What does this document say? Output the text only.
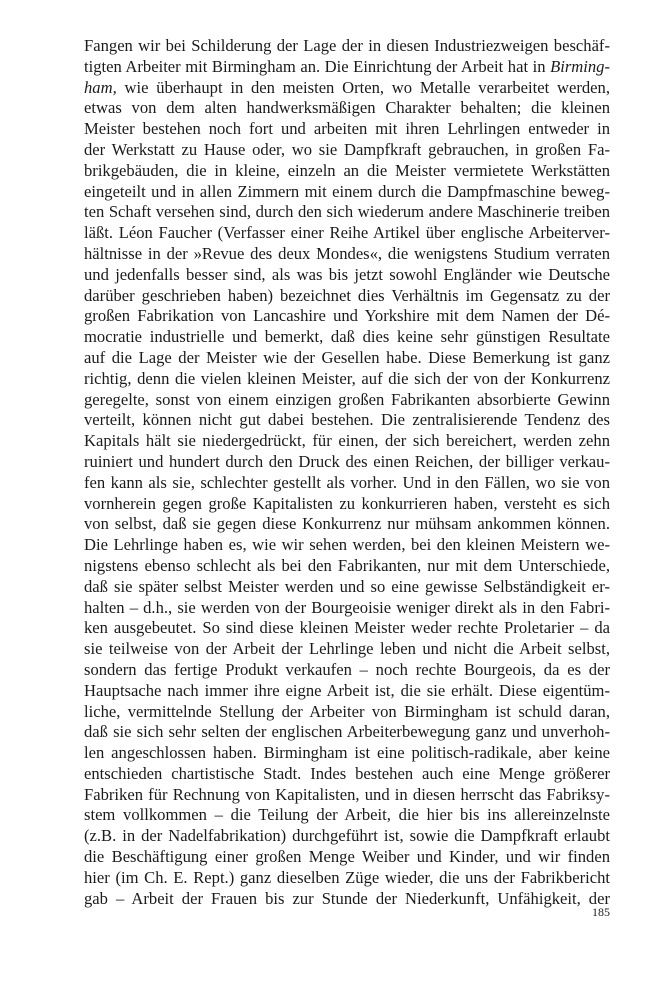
Fangen wir bei Schilderung der Lage der in diesen Industriezweigen beschäf-
tigten Arbeiter mit Birmingham an. Die Einrichtung der Arbeit hat in Birming-
ham, wie überhaupt in den meisten Orten, wo Metalle verarbeitet werden,
etwas von dem alten handwerksmäßigen Charakter behalten; die kleinen
Meister bestehen noch fort und arbeiten mit ihren Lehrlingen entweder in
der Werkstatt zu Hause oder, wo sie Dampfkraft gebrauchen, in großen Fa-
brikgebäuden, die in kleine, einzeln an die Meister vermietete Werkstätten
eingeteilt und in allen Zimmern mit einem durch die Dampfmaschine beweg-
ten Schaft versehen sind, durch den sich wiederum andere Maschinerie treiben
läßt. Léon Faucher (Verfasser einer Reihe Artikel über englische Arbeiterver-
hältnisse in der »Revue des deux Mondes«, die wenigstens Studium verraten
und jedenfalls besser sind, als was bis jetzt sowohl Engländer wie Deutsche
darüber geschrieben haben) bezeichnet dies Verhältnis im Gegensatz zu der
großen Fabrikation von Lancashire und Yorkshire mit dem Namen der Dé-
mocratie industrielle und bemerkt, daß dies keine sehr günstigen Resultate
auf die Lage der Meister wie der Gesellen habe. Diese Bemerkung ist ganz
richtig, denn die vielen kleinen Meister, auf die sich der von der Konkurrenz
geregelte, sonst von einem einzigen großen Fabrikanten absorbierte Gewinn
verteilt, können nicht gut dabei bestehen. Die zentralisierende Tendenz des
Kapitals hält sie niedergedrückt, für einen, der sich bereichert, werden zehn
ruiniert und hundert durch den Druck des einen Reichen, der billiger verkau-
fen kann als sie, schlechter gestellt als vorher. Und in den Fällen, wo sie von
vornherein gegen große Kapitalisten zu konkurrieren haben, versteht es sich
von selbst, daß sie gegen diese Konkurrenz nur mühsam ankommen können.
Die Lehrlinge haben es, wie wir sehen werden, bei den kleinen Meistern we-
nigstens ebenso schlecht als bei den Fabrikanten, nur mit dem Unterschiede,
daß sie später selbst Meister werden und so eine gewisse Selbständigkeit er-
halten – d.h., sie werden von der Bourgeoisie weniger direkt als in den Fabri-
ken ausgebeutet. So sind diese kleinen Meister weder rechte Proletarier – da
sie teilweise von der Arbeit der Lehrlinge leben und nicht die Arbeit selbst,
sondern das fertige Produkt verkaufen – noch rechte Bourgeois, da es der
Hauptsache nach immer ihre eigne Arbeit ist, die sie erhält. Diese eigentüm-
liche, vermittelnde Stellung der Arbeiter von Birmingham ist schuld daran,
daß sie sich sehr selten der englischen Arbeiterbewegung ganz und unverhoh-
len angeschlossen haben. Birmingham ist eine politisch-radikale, aber keine
entschieden chartistische Stadt. Indes bestehen auch eine Menge größerer
Fabriken für Rechnung von Kapitalisten, und in diesen herrscht das Fabriksy-
stem vollkommen – die Teilung der Arbeit, die hier bis ins allereinzelnste
(z.B. in der Nadelfabrikation) durchgeführt ist, sowie die Dampfkraft erlaubt
die Beschäftigung einer großen Menge Weiber und Kinder, und wir finden
hier (im Ch. E. Rept.) ganz dieselben Züge wieder, die uns der Fabrikbericht
gab – Arbeit der Frauen bis zur Stunde der Niederkunft, Unfähigkeit, der
185
